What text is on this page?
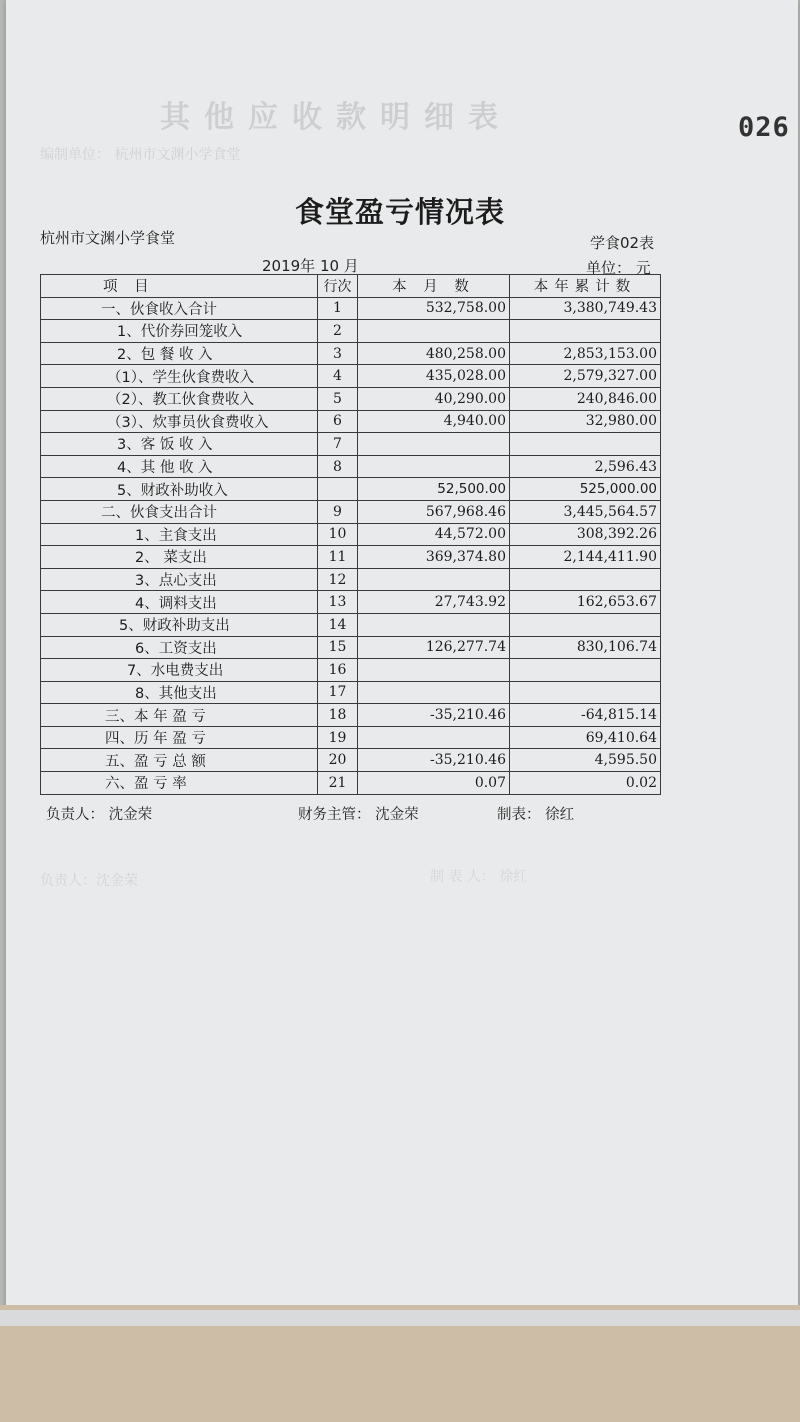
其他应收款明细表
编制单位： 杭州市文渊小学食堂
负责人：沈金荣	制 表 人： 徐红
026
食堂盈亏情况表
杭州市文渊小学食堂	学食02表
2019年 10 月	单位： 元
项 目	行次	本 月 数	本年累计数
一、伙食收入合计	1	532,758.00	3,380,749.43
1、代价券回笼收入	2		
2、包 餐 收 入	3	480,258.00	2,853,153.00
（1）、学生伙食费收入	4	435,028.00	2,579,327.00
（2）、教工伙食费收入	5	40,290.00	240,846.00
（3）、炊事员伙食费收入	6	4,940.00	32,980.00
3、客 饭 收 入	7		
4、其 他 收 入	8		2,596.43
5、财政补助收入		52,500.00	525,000.00
二、伙食支出合计	9	567,968.46	3,445,564.57
1、主食支出	10	44,572.00	308,392.26
2、 菜支出	11	369,374.80	2,144,411.90
3、点心支出	12		
4、调料支出	13	27,743.92	162,653.67
5、财政补助支出	14		
6、工资支出	15	126,277.74	830,106.74
7、水电费支出	16		
8、其他支出	17		
三、本 年 盈 亏	18	-35,210.46	-64,815.14
四、历 年 盈 亏	19		69,410.64
五、盈 亏 总 额	20	-35,210.46	4,595.50
六、盈 亏 率	21	0.07	0.02
负责人： 沈金荣	财务主管： 沈金荣	制表： 徐红
